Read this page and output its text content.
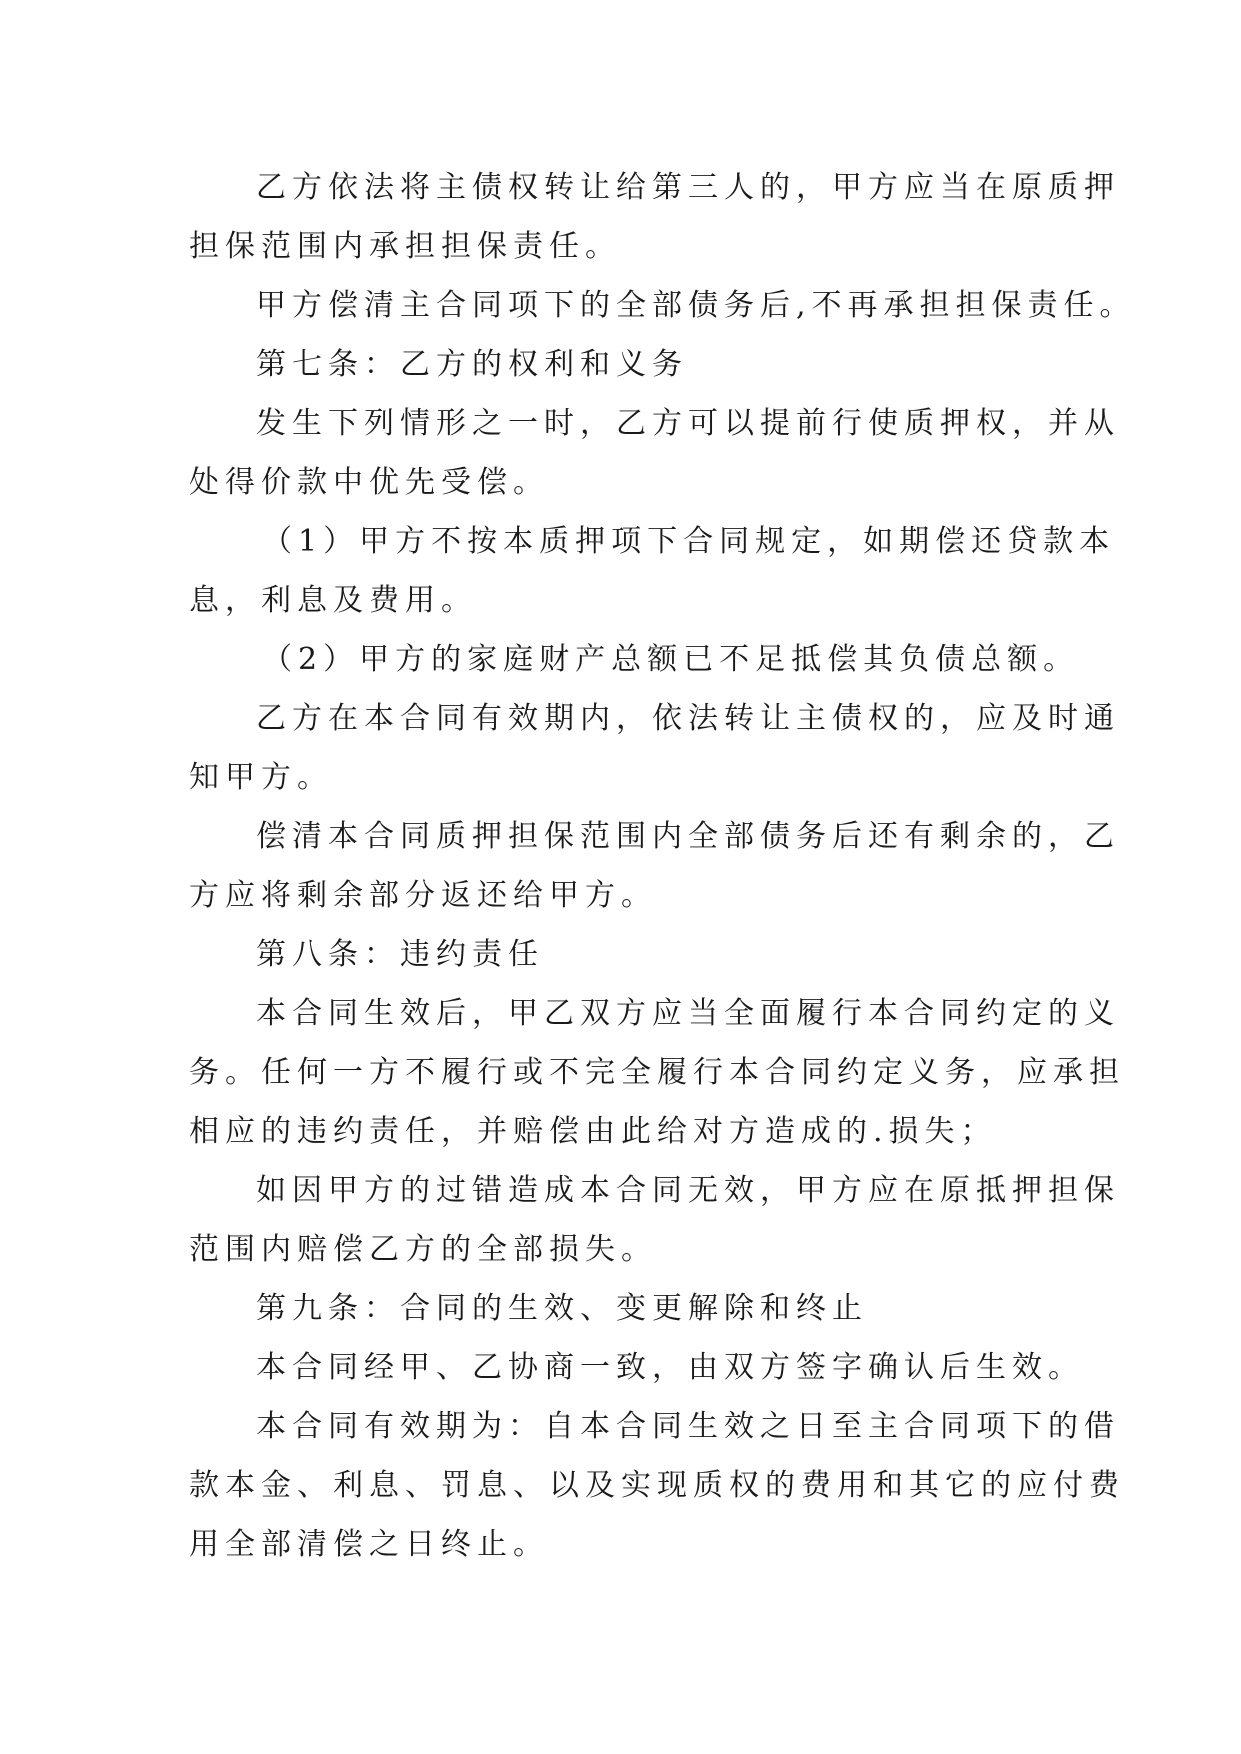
乙方依法将主债权转让给第三人的，甲方应当在原质押
担保范围内承担担保责任。
甲方偿清主合同项下的全部债务后,不再承担担保责任。
第七条：乙方的权利和义务
发生下列情形之一时，乙方可以提前行使质押权，并从
处得价款中优先受偿。
（1）甲方不按本质押项下合同规定，如期偿还贷款本
息，利息及费用。
（2）甲方的家庭财产总额已不足抵偿其负债总额。
乙方在本合同有效期内，依法转让主债权的，应及时通
知甲方。
偿清本合同质押担保范围内全部债务后还有剩余的，乙
方应将剩余部分返还给甲方。
第八条：违约责任
本合同生效后，甲乙双方应当全面履行本合同约定的义
务。任何一方不履行或不完全履行本合同约定义务，应承担
相应的违约责任，并赔偿由此给对方造成的.损失；
如因甲方的过错造成本合同无效，甲方应在原抵押担保
范围内赔偿乙方的全部损失。
第九条：合同的生效、变更解除和终止
本合同经甲、乙协商一致，由双方签字确认后生效。
本合同有效期为：自本合同生效之日至主合同项下的借
款本金、利息、罚息、以及实现质权的费用和其它的应付费
用全部清偿之日终止。
